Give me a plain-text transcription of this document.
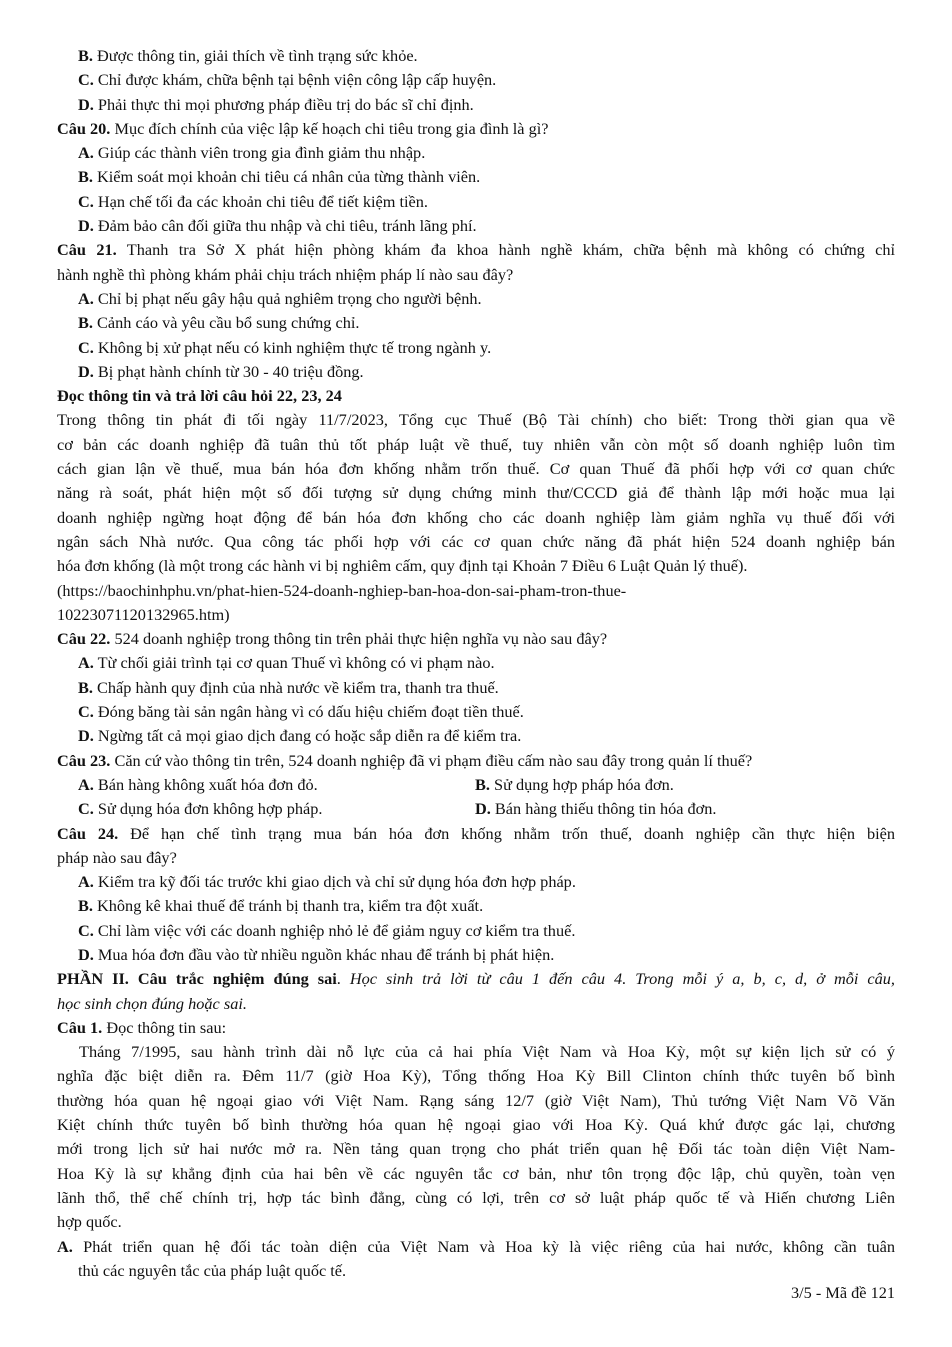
B. Được thông tin, giải thích về tình trạng sức khỏe.
C. Chỉ được khám, chữa bệnh tại bệnh viện công lập cấp huyện.
D. Phải thực thi mọi phương pháp điều trị do bác sĩ chỉ định.
Câu 20. Mục đích chính của việc lập kế hoạch chi tiêu trong gia đình là gì?
A. Giúp các thành viên trong gia đình giảm thu nhập.
B. Kiểm soát mọi khoản chi tiêu cá nhân của từng thành viên.
C. Hạn chế tối đa các khoản chi tiêu để tiết kiệm tiền.
D. Đảm bảo cân đối giữa thu nhập và chi tiêu, tránh lãng phí.
Câu 21. Thanh tra Sở X phát hiện phòng khám đa khoa hành nghề khám, chữa bệnh mà không có chứng chỉ
hành nghề thì phòng khám phải chịu trách nhiệm pháp lí nào sau đây?
A. Chỉ bị phạt nếu gây hậu quả nghiêm trọng cho người bệnh.
B. Cảnh cáo và yêu cầu bổ sung chứng chỉ.
C. Không bị xử phạt nếu có kinh nghiệm thực tế trong ngành y.
D. Bị phạt hành chính từ 30 - 40 triệu đồng.
Đọc thông tin và trả lời câu hỏi 22, 23, 24
Trong thông tin phát đi tối ngày 11/7/2023, Tổng cục Thuế (Bộ Tài chính) cho biết: Trong thời gian qua về
cơ bản các doanh nghiệp đã tuân thủ tốt pháp luật về thuế, tuy nhiên vẫn còn một số doanh nghiệp luôn tìm
cách gian lận về thuế, mua bán hóa đơn khống nhằm trốn thuế. Cơ quan Thuế đã phối hợp với cơ quan chức
năng rà soát, phát hiện một số đối tượng sử dụng chứng minh thư/CCCD giả để thành lập mới hoặc mua lại
doanh nghiệp ngừng hoạt động để bán hóa đơn khống cho các doanh nghiệp làm giảm nghĩa vụ thuế đối với
ngân sách Nhà nước. Qua công tác phối hợp với các cơ quan chức năng đã phát hiện 524 doanh nghiệp bán
hóa đơn khống (là một trong các hành vi bị nghiêm cấm, quy định tại Khoản 7 Điều 6 Luật Quản lý thuế).
(https://baochinhphu.vn/phat-hien-524-doanh-nghiep-ban-hoa-don-sai-pham-tron-thue-
10223071120132965.htm)
Câu 22. 524 doanh nghiệp trong thông tin trên phải thực hiện nghĩa vụ nào sau đây?
A. Từ chối giải trình tại cơ quan Thuế vì không có vi phạm nào.
B. Chấp hành quy định của nhà nước về kiểm tra, thanh tra thuế.
C. Đóng băng tài sản ngân hàng vì có dấu hiệu chiếm đoạt tiền thuế.
D. Ngừng tất cả mọi giao dịch đang có hoặc sắp diễn ra để kiểm tra.
Câu 23. Căn cứ vào thông tin trên, 524 doanh nghiệp đã vi phạm điều cấm nào sau đây trong quản lí thuế?
A. Bán hàng không xuất hóa đơn đỏ.	B. Sử dụng hợp pháp hóa đơn.
C. Sử dụng hóa đơn không hợp pháp.	D. Bán hàng thiếu thông tin hóa đơn.
Câu 24. Để hạn chế tình trạng mua bán hóa đơn khống nhằm trốn thuế, doanh nghiệp cần thực hiện biện
pháp nào sau đây?
A. Kiểm tra kỹ đối tác trước khi giao dịch và chỉ sử dụng hóa đơn hợp pháp.
B. Không kê khai thuế để tránh bị thanh tra, kiểm tra đột xuất.
C. Chỉ làm việc với các doanh nghiệp nhỏ lẻ để giảm nguy cơ kiểm tra thuế.
D. Mua hóa đơn đầu vào từ nhiều nguồn khác nhau để tránh bị phát hiện.
PHẦN II. Câu trắc nghiệm đúng sai. Học sinh trả lời từ câu 1 đến câu 4. Trong mỗi ý a, b, c, d, ở mỗi câu,
học sinh chọn đúng hoặc sai.
Câu 1. Đọc thông tin sau:
Tháng 7/1995, sau hành trình dài nỗ lực của cả hai phía Việt Nam và Hoa Kỳ, một sự kiện lịch sử có ý
nghĩa đặc biệt diễn ra. Đêm 11/7 (giờ Hoa Kỳ), Tổng thống Hoa Kỳ Bill Clinton chính thức tuyên bố bình
thường hóa quan hệ ngoại giao với Việt Nam. Rạng sáng 12/7 (giờ Việt Nam), Thủ tướng Việt Nam Võ Văn
Kiệt chính thức tuyên bố bình thường hóa quan hệ ngoại giao với Hoa Kỳ. Quá khứ được gác lại, chương
mới trong lịch sử hai nước mở ra. Nền tảng quan trọng cho phát triển quan hệ Đối tác toàn diện Việt Nam-
Hoa Kỳ là sự khẳng định của hai bên về các nguyên tắc cơ bản, như tôn trọng độc lập, chủ quyền, toàn vẹn
lãnh thổ, thể chế chính trị, hợp tác bình đẳng, cùng có lợi, trên cơ sở luật pháp quốc tế và Hiến chương Liên
hợp quốc.
A. Phát triển quan hệ đối tác toàn diện của Việt Nam và Hoa kỳ là việc riêng của hai nước, không cần tuân
thủ các nguyên tắc của pháp luật quốc tế.
3/5 - Mã đề 121
